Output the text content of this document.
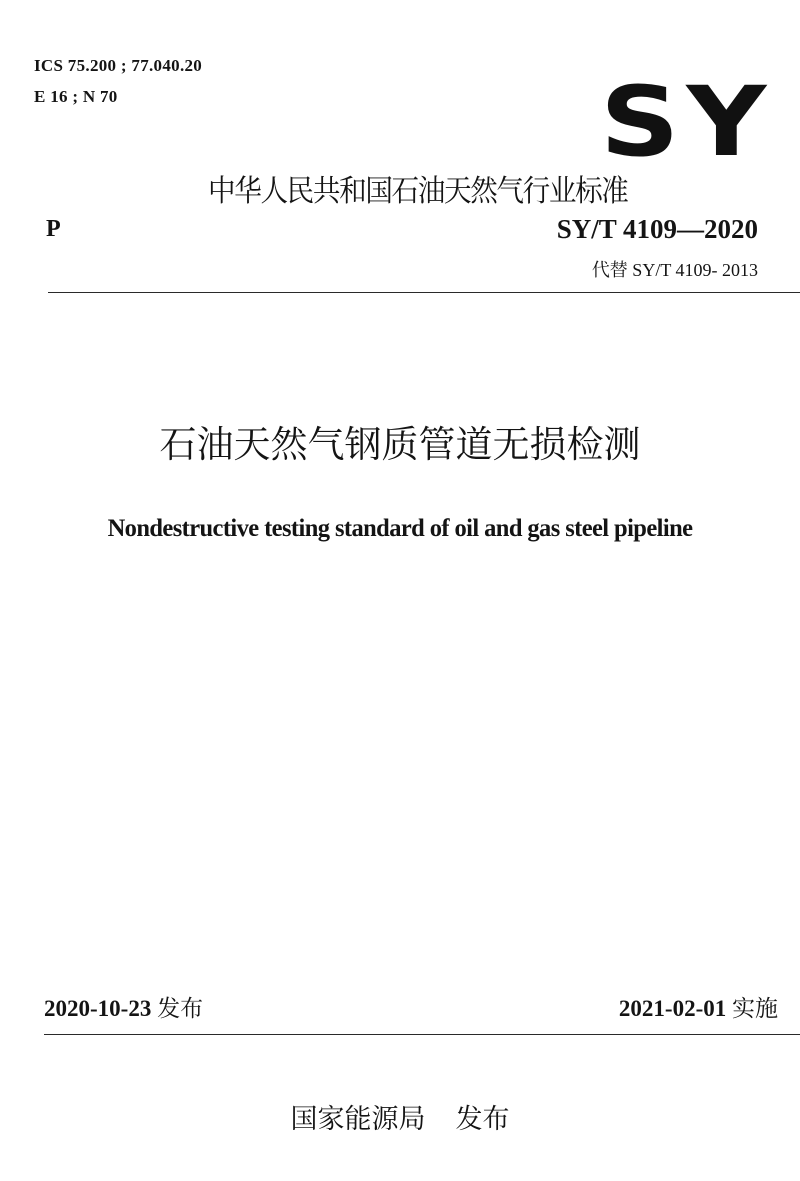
ICS 75.200 ; 77.040.20
E 16 ; N 70	SY
中华人民共和国石油天然气行业标准
P	SY/T 4109—2020
代替 SY/T 4109- 2013
石油天然气钢质管道无损检测
Nondestructive testing standard of oil and gas steel pipeline
2020-10-23 发布	2021-02-01 实施
国家能源局 发布
